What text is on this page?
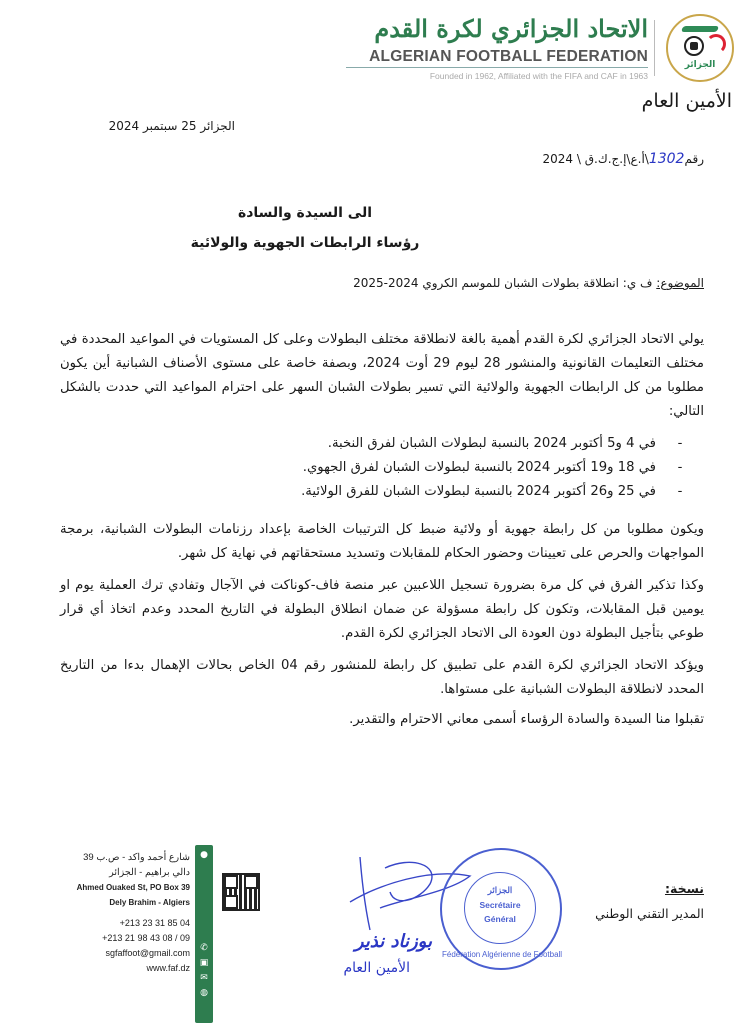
الجزائر
الاتحاد الجزائري لكرة القدم
ALGERIAN FOOTBALL FEDERATION
Founded in 1962, Affiliated with the FIFA and CAF in 1963
الأمين العام
الجزائر 25 سبتمبر 2024
رقم1302\أ.ع\إ.ج.ك.ق \ 2024
الى السيدة والسادة
رؤساء الرابطات الجهوية والولائية
الموضوع: ف ي: انطلاقة بطولات الشبان للموسم الكروي 2024-2025
يولي الاتحاد الجزائري لكرة القدم أهمية بالغة لانطلاقة مختلف البطولات وعلى كل المستويات في المواعيد المحددة في مختلف التعليمات القانونية والمنشور 28 ليوم 29 أوت 2024، وبصفة خاصة على مستوى الأصناف الشبانية أين يكون مطلوبا من كل الرابطات الجهوية والولائية التي تسير بطولات الشبان السهر على احترام المواعيد التي حددت بالشكل التالي:
-
في 4 و5 أكتوبر 2024 بالنسبة لبطولات الشبان لفرق النخبة.
-
في 18 و19 أكتوبر 2024 بالنسبة لبطولات الشبان لفرق الجهوي.
-
في 25 و26 أكتوبر 2024 بالنسبة لبطولات الشبان للفرق الولائية.
ويكون مطلوبا من كل رابطة جهوية أو ولائية ضبط كل الترتيبات الخاصة بإعداد رزنامات البطولات الشبانية، برمجة المواجهات والحرص على تعيينات وحضور الحكام للمقابلات وتسديد مستحقاتهم في نهاية كل شهر.
وكذا تذكير الفرق في كل مرة بضرورة تسجيل اللاعبين عبر منصة فاف-كوناكت في الآجال وتفادي ترك العملية يوم او يومين قبل المقابلات، وتكون كل رابطة مسؤولة عن ضمان انطلاق البطولة في التاريخ المحدد وعدم اتخاذ أي قرار طوعي بتأجيل البطولة دون العودة الى الاتحاد الجزائري لكرة القدم.
ويؤكد الاتحاد الجزائري لكرة القدم على تطبيق كل رابطة للمنشور رقم 04 الخاص بحالات الإهمال بدءا من التاريخ المحدد لانطلاقة البطولات الشبانية على مستواها.
تقبلوا منا السيدة والسادة الرؤساء أسمى معاني الاحترام والتقدير.
شارع أحمد واكد - ص.ب 39
دالي براهيم - الجزائر
Ahmed Ouaked St, PO Box 39
Dely Brahim - Algiers
+213 23 31 85 04
+213 21 98 43 08 / 09
sgfaffoot@gmail.com
www.faf.dz
●
✆
▣
✉
◍
Fédération Algérienne de Football
الجزائر
Secrétaire
Général
بوزناد نذير
الأمين العام
نسخة:
المدير التقني الوطني
